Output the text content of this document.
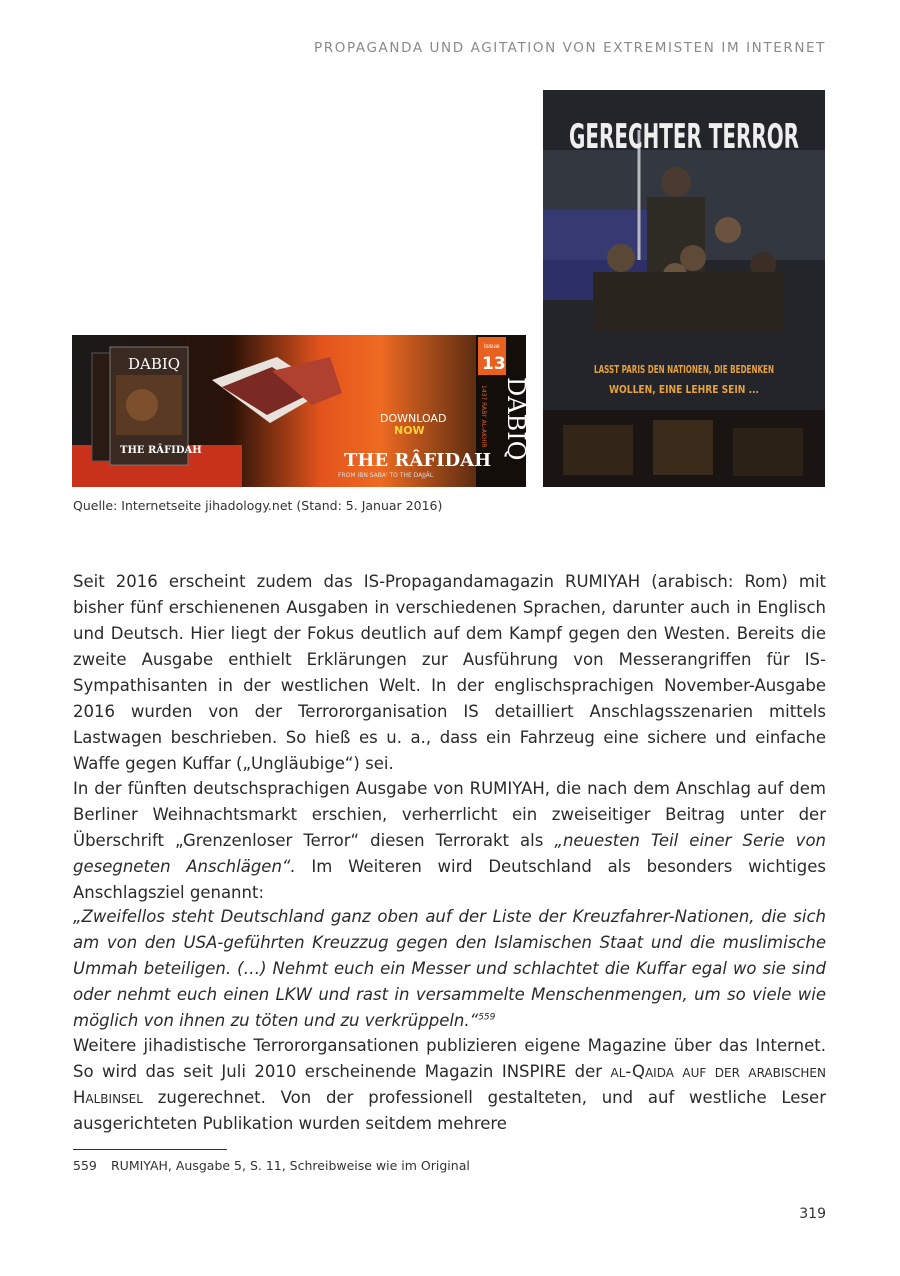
PROPAGANDA UND AGITATION VON EXTREMISTEN IM INTERNET
DABIQ
THE RÂFIDAH
Issue
13
1437 RABI' AL-AKHIR DABIQ
DOWNLOAD
NOW
THE RÂFIDAH
FROM IBN SABA' TO THE DAJJÂL
GERECHTER TERROR
LASST PARIS DEN NATIONEN, DIE BEDENKEN
WOLLEN, EINE LEHRE SEIN ...
Quelle: Internetseite jihadology.net (Stand: 5. Januar 2016)

Seit 2016 erscheint zudem das IS-Propagandamagazin RUMIYAH (arabisch: Rom) mit bisher fünf erschienenen Ausgaben in verschiedenen Sprachen, darunter auch in Englisch und Deutsch. Hier liegt der Fokus deutlich auf dem Kampf gegen den Westen. Bereits die zweite Ausgabe enthielt Erklärungen zur Ausführung von Messerangriffen für IS-Sympathisanten in der westlichen Welt. In der englischsprachigen November-Ausgabe 2016 wurden von der Terrororganisation IS detailliert Anschlagsszenarien mittels Lastwagen beschrieben. So hieß es u. a., dass ein Fahrzeug eine sichere und einfache Waffe gegen Kuffar („Ungläubige“) sei.

In der fünften deutschsprachigen Ausgabe von RUMIYAH, die nach dem Anschlag auf dem Berliner Weihnachtsmarkt erschien, verherrlicht ein zweiseitiger Beitrag unter der Überschrift „Grenzenloser Terror“ diesen Terrorakt als „neuesten Teil einer Serie von gesegneten Anschlägen“. Im Weiteren wird Deutschland als besonders wichtiges Anschlagsziel genannt:

„Zweifellos steht Deutschland ganz oben auf der Liste der Kreuzfahrer-Nationen, die sich am von den USA-geführten Kreuzzug gegen den Islamischen Staat und die muslimische Ummah beteiligen. (…) Nehmt euch ein Messer und schlachtet die Kuffar egal wo sie sind oder nehmt euch einen LKW und rast in versammelte Menschenmengen, um so viele wie möglich von ihnen zu töten und zu verkrüppeln.“$^{559}$

Weitere jihadistische Terrororgansationen publizieren eigene Magazine über das Internet. So wird das seit Juli 2010 erscheinende Magazin INSPIRE der al-Qaida auf der arabischen Halbinsel zugerechnet. Von der professionell gestalteten, und auf westliche Leser ausgerichteten Publikation wurden seitdem mehrere

559 RUMIYAH, Ausgabe 5, S. 11, Schreibweise wie im Original
319
